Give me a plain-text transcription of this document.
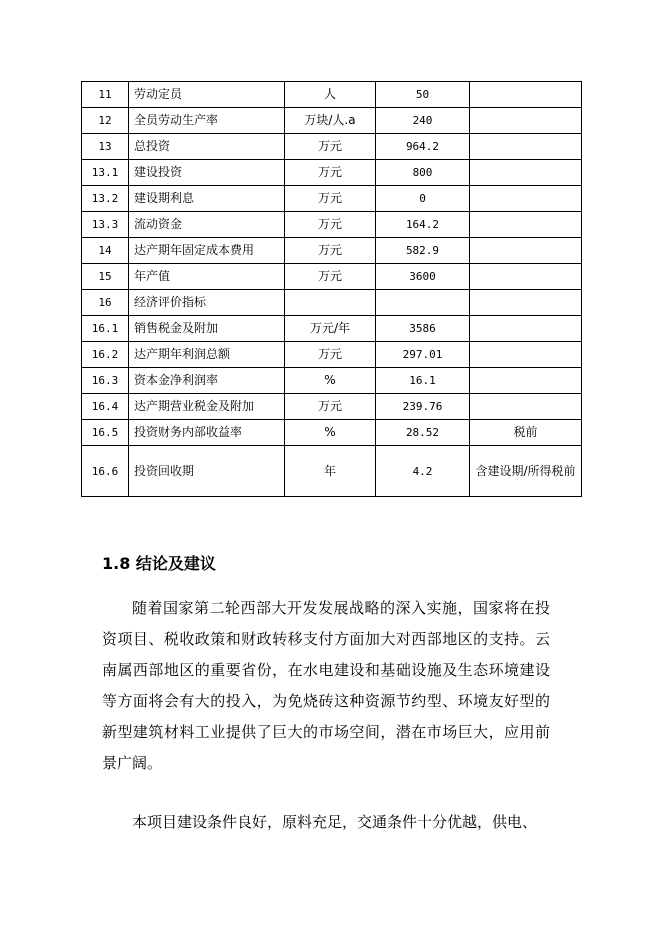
11	劳动定员	人	50	
12	全员劳动生产率	万块/人.a	240	
13	总投资	万元	964.2	
13.1	建设投资	万元	800	
13.2	建设期利息	万元	0	
13.3	流动资金	万元	164.2	
14	达产期年固定成本费用	万元	582.9	
15	年产值	万元	3600	
16	经济评价指标			
16.1	销售税金及附加	万元/年	3586	
16.2	达产期年利润总额	万元	297.01	
16.3	资本金净利润率	%	16.1	
16.4	达产期营业税金及附加	万元	239.76	
16.5	投资财务内部收益率	%	28.52	税前
16.6	投资回收期	年	4.2	含建设期/所得税前
1.8 结论及建议

随着国家第二轮西部大开发发展战略的深入实施，国家将在投资项目、税收政策和财政转移支付方面加大对西部地区的支持。云南属西部地区的重要省份，在水电建设和基础设施及生态环境建设等方面将会有大的投入，为免烧砖这种资源节约型、环境友好型的新型建筑材料工业提供了巨大的市场空间，潜在市场巨大，应用前景广阔。

本项目建设条件良好，原料充足，交通条件十分优越，供电、
